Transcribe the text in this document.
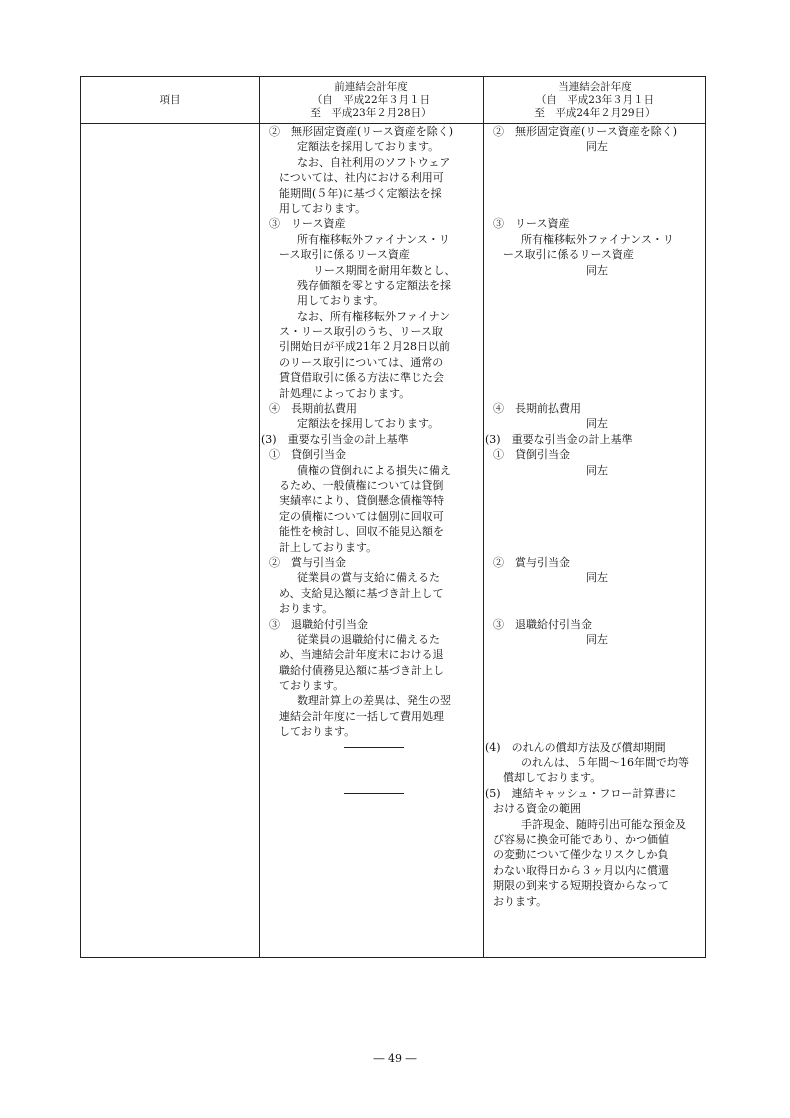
項目
前連結会計年度
（自　平成22年３月１日
至　平成23年２月28日）
当連結会計年度
（自　平成23年３月１日
至　平成24年２月29日）
②　無形固定資産(リース資産を除く)
定額法を採用しております。
なお、自社利用のソフトウェア
については、社内における利用可
能期間(５年)に基づく定額法を採
用しております。
③　リース資産
所有権移転外ファイナンス・リ
ース取引に係るリース資産
リース期間を耐用年数とし、
残存価額を零とする定額法を採
用しております。
なお、所有権移転外ファイナン
ス・リース取引のうち、リース取
引開始日が平成21年２月28日以前
のリース取引については、通常の
賃貸借取引に係る方法に準じた会
計処理によっております。
④　長期前払費用
定額法を採用しております。
(3)　重要な引当金の計上基準
①　貸倒引当金
債権の貸倒れによる損失に備え
るため、一般債権については貸倒
実績率により、貸倒懸念債権等特
定の債権については個別に回収可
能性を検討し、回収不能見込額を
計上しております。
②　賞与引当金
従業員の賞与支給に備えるた
め、支給見込額に基づき計上して
おります。
③　退職給付引当金
従業員の退職給付に備えるた
め、当連結会計年度末における退
職給付債務見込額に基づき計上し
ております。
数理計算上の差異は、発生の翌
連結会計年度に一括して費用処理
しております。
②　無形固定資産(リース資産を除く)
同左
③　リース資産
所有権移転外ファイナンス・リ
ース取引に係るリース資産
同左
④　長期前払費用
同左
(3)　重要な引当金の計上基準
①　貸倒引当金
同左
②　賞与引当金
同左
③　退職給付引当金
同左
(4)　のれんの償却方法及び償却期間
のれんは、５年間～16年間で均等
償却しております。
(5)　連結キャッシュ・フロー計算書に
おける資金の範囲
手許現金、随時引出可能な預金及
び容易に換金可能であり、かつ価値
の変動について僅少なリスクしか負
わない取得日から３ヶ月以内に償還
期限の到来する短期投資からなって
おります。
― 49 ―
